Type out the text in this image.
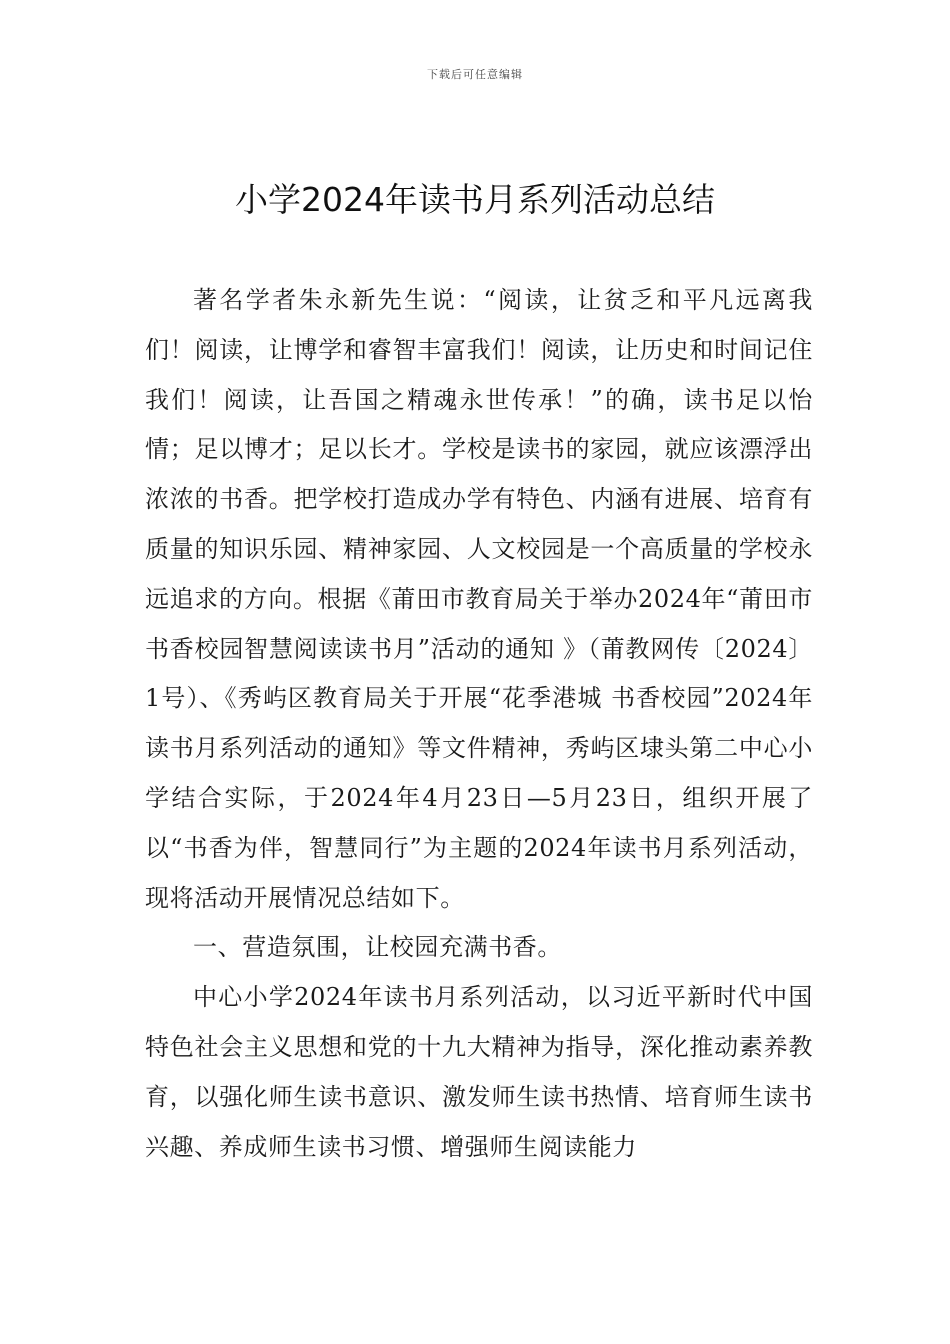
下载后可任意编辑
小学2024年读书月系列活动总结

著名学者朱永新先生说：“阅读，让贫乏和平凡远离我们！阅读，让博学和睿智丰富我们！阅读，让历史和时间记住我们！阅读，让吾国之精魂永世传承！”的确，读书足以怡情；足以博才；足以长才。学校是读书的家园，就应该漂浮出浓浓的书香。把学校打造成办学有特色、内涵有进展、培育有质量的知识乐园、精神家园、人文校园是一个高质量的学校永远追求的方向。根据《莆田市教育局关于举办2024年“莆田市书香校园智慧阅读读书月”活动的通知 》（莆教网传〔2024〕1号）、《秀屿区教育局关于开展“花季港城 书香校园”2024年读书月系列活动的通知》等文件精神，秀屿区埭头第二中心小学结合实际，于2024年4月23日—5月23日，组织开展了以“书香为伴，智慧同行”为主题的2024年读书月系列活动，现将活动开展情况总结如下。

一、营造氛围，让校园充满书香。

中心小学2024年读书月系列活动，以习近平新时代中国特色社会主义思想和党的十九大精神为指导，深化推动素养教育，以强化师生读书意识、激发师生读书热情、培育师生读书兴趣、养成师生读书习惯、增强师生阅读能力
